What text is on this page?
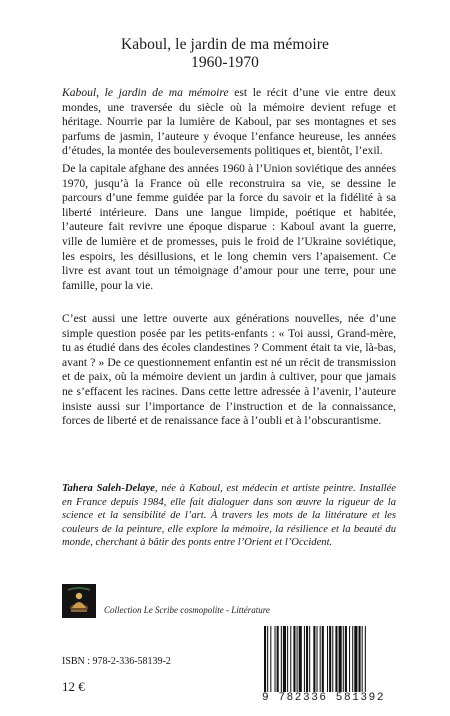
Kaboul, le jardin de ma mémoire
1960-1970

Kaboul, le jardin de ma mémoire est le récit d’une vie entre deux mondes, une traversée du siècle où la mémoire devient refuge et héritage. Nourrie par la lumière de Kaboul, par ses montagnes et ses parfums de jasmin, l’auteure y évoque l’enfance heureuse, les années d’études, la montée des bouleversements politiques et, bientôt, l’exil.

De la capitale afghane des années 1960 à l’Union soviétique des années 1970, jusqu’à la France où elle reconstruira sa vie, se dessine le parcours d’une femme guidée par la force du savoir et la fidélité à sa liberté intérieure. Dans une langue limpide, poétique et habitée, l’auteure fait revivre une époque disparue : Kaboul avant la guerre, ville de lumière et de promesses, puis le froid de l’Ukraine soviétique, les espoirs, les désillusions, et le long chemin vers l’apaisement. Ce livre est avant tout un témoignage d’amour pour une terre, pour une famille, pour la vie.

C’est aussi une lettre ouverte aux générations nouvelles, née d’une simple question posée par les petits-enfants : « Toi aussi, Grand-mère, tu as étudié dans des écoles clandestines ? Comment était ta vie, là-bas, avant ? » De ce questionnement enfantin est né un récit de transmission et de paix, où la mémoire devient un jardin à cultiver, pour que jamais ne s’effacent les racines. Dans cette lettre adressée à l’avenir, l’auteure insiste aussi sur l’importance de l’instruction et de la connaissance, forces de liberté et de renaissance face à l’oubli et à l’obscurantisme.

Tahera Saleh-Delaye, née à Kaboul, est médecin et artiste peintre. Installée en France depuis 1984, elle fait dialoguer dans son œuvre la rigueur de la science et la sensibilité de l’art. À travers les mots de la littérature et les couleurs de la peinture, elle explore la mémoire, la résilience et la beauté du monde, cherchant à bâtir des ponts entre l’Orient et l’Occident.
Collection Le Scribe cosmopolite - Littérature
ISBN : 978-2-336-58139-2
12 €
9 782336 581392
